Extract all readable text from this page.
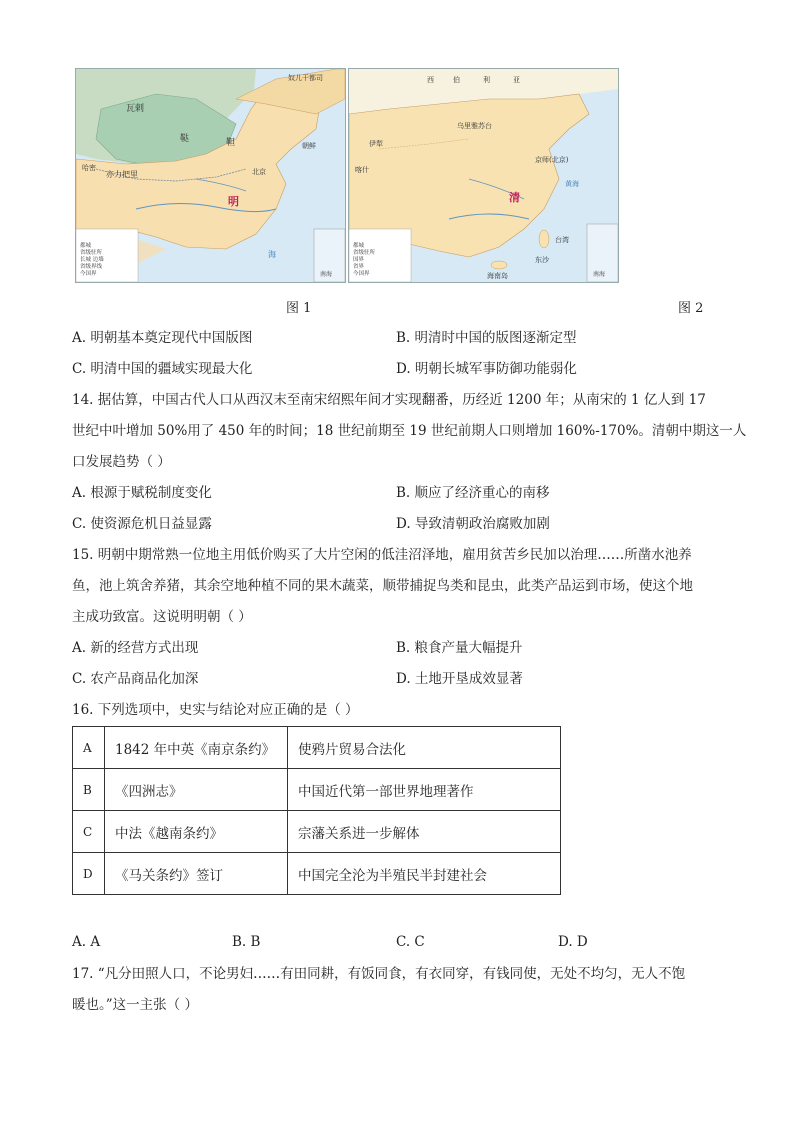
瓦剌
鞑	靼
亦力把里
哈密
明
北京
朝鲜
奴儿干都司
海
南海
都城
省级驻所
长城 边墙
省级界线
今国界
西	伯	利	亚
乌里雅苏台
伊犁
清
京师(北京)
喀什
台湾
海南岛
东沙
黄海
南海
都城
省级驻所
国界
省界
今国界
图 1	图 2
A. 明朝基本奠定现代中国版图	B. 明清时中国的版图逐渐定型
C. 明清中国的疆域实现最大化	D. 明朝长城军事防御功能弱化
14. 据估算，中国古代人口从西汉末至南宋绍熙年间才实现翻番，历经近 1200 年；从南宋的 1 亿人到 17
世纪中叶增加 50%用了 450 年的时间；18 世纪前期至 19 世纪前期人口则增加 160%-170%。清朝中期这一人
口发展趋势（ ）
A. 根源于赋税制度变化	B. 顺应了经济重心的南移
C. 使资源危机日益显露	D. 导致清朝政治腐败加剧
15. 明朝中期常熟一位地主用低价购买了大片空闲的低洼沼泽地，雇用贫苦乡民加以治理……所凿水池养
鱼，池上筑舍养猪，其余空地种植不同的果木蔬菜，顺带捕捉鸟类和昆虫，此类产品运到市场，使这个地
主成功致富。这说明明朝（ ）
A. 新的经营方式出现	B. 粮食产量大幅提升
C. 农产品商品化加深	D. 土地开垦成效显著
16. 下列选项中，史实与结论对应正确的是（ ）
A	1842 年中英《南京条约》	使鸦片贸易合法化
B	《四洲志》	中国近代第一部世界地理著作
C	中法《越南条约》	宗藩关系进一步解体
D	《马关条约》签订	中国完全沦为半殖民半封建社会
A. A	B. B	C. C	D. D
17. “凡分田照人口，不论男妇……有田同耕，有饭同食，有衣同穿，有钱同使，无处不均匀，无人不饱
暖也。”这一主张（ ）
